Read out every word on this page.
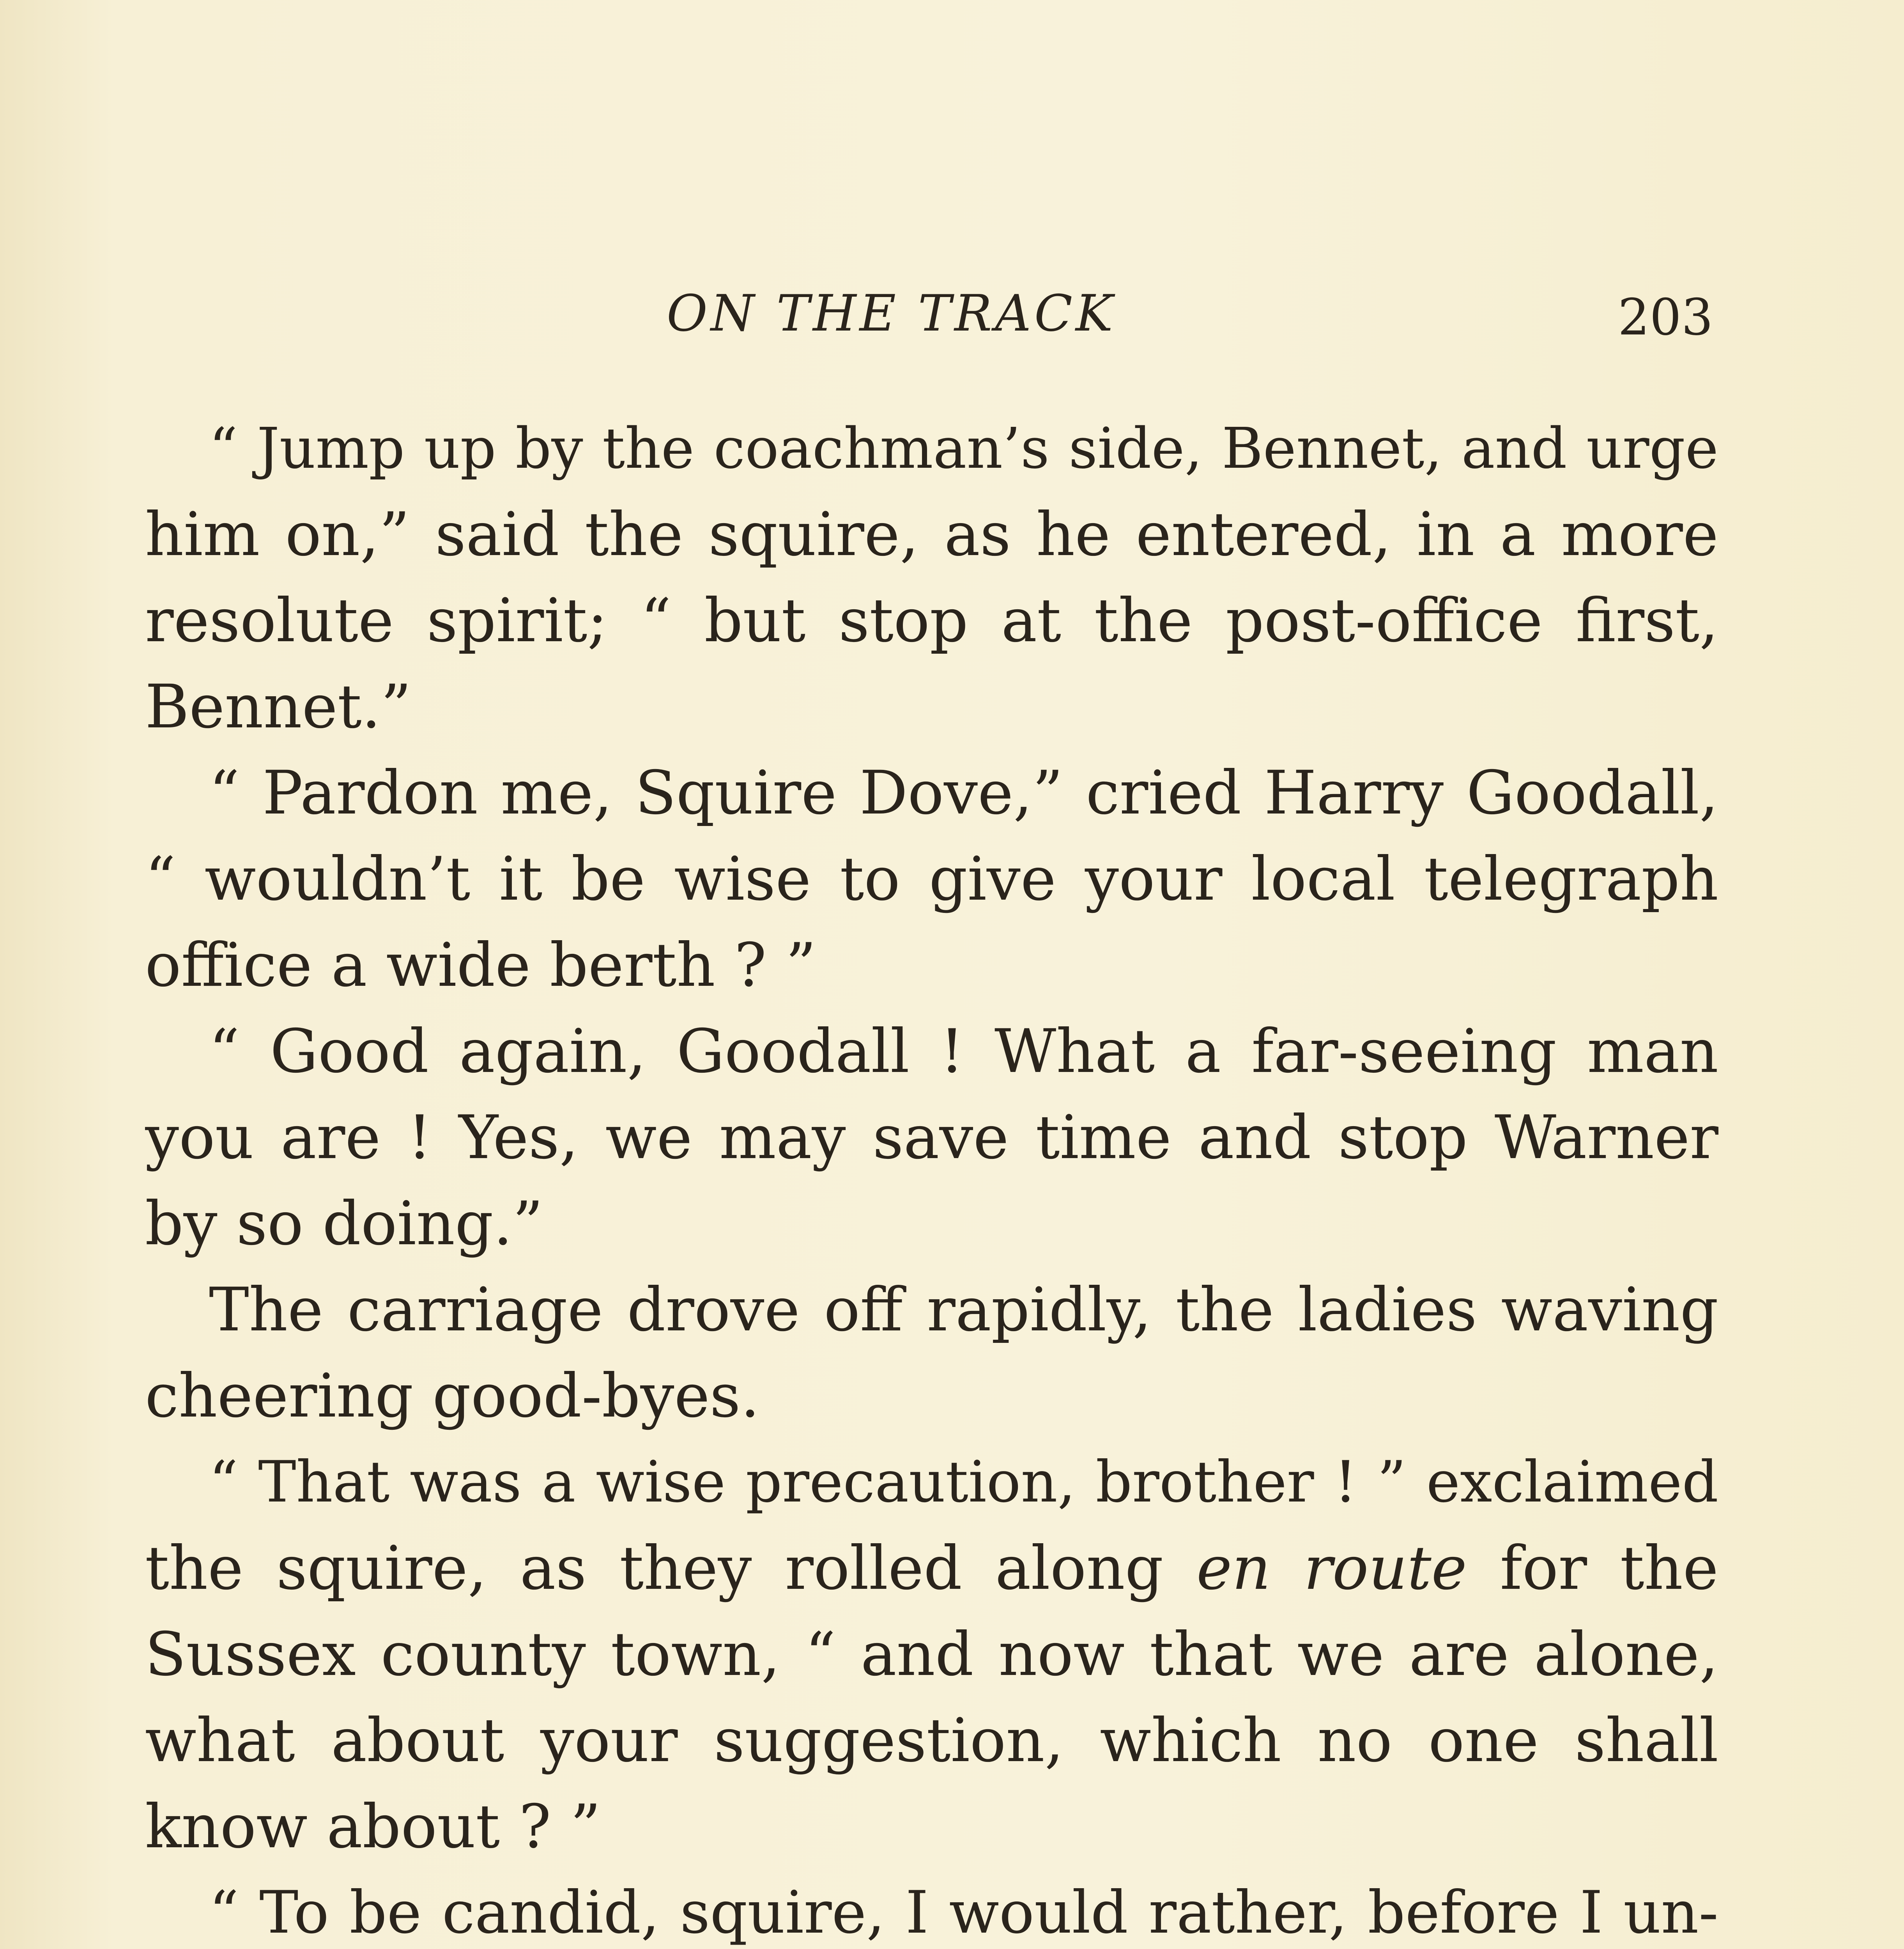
ON THE TRACK	203
“ Jump up by the coachman’s side, Bennet, and urge
him on,” said the squire, as he entered, in a more
resolute spirit; “ but stop at the post-office first,
Bennet.”
“ Pardon me, Squire Dove,” cried Harry Goodall,
“ wouldn’t it be wise to give your local telegraph
office a wide berth ? ”
“ Good again, Goodall ! What a far-seeing man
you are ! Yes, we may save time and stop Warner
by so doing.”
The carriage drove off rapidly, the ladies waving
cheering good-byes.
“ That was a wise precaution, brother ! ” exclaimed
the squire, as they rolled along en route for the
Sussex county town, “ and now that we are alone,
what about your suggestion, which no one shall
know about ? ”
“ To be candid, squire, I would rather, before I un-
